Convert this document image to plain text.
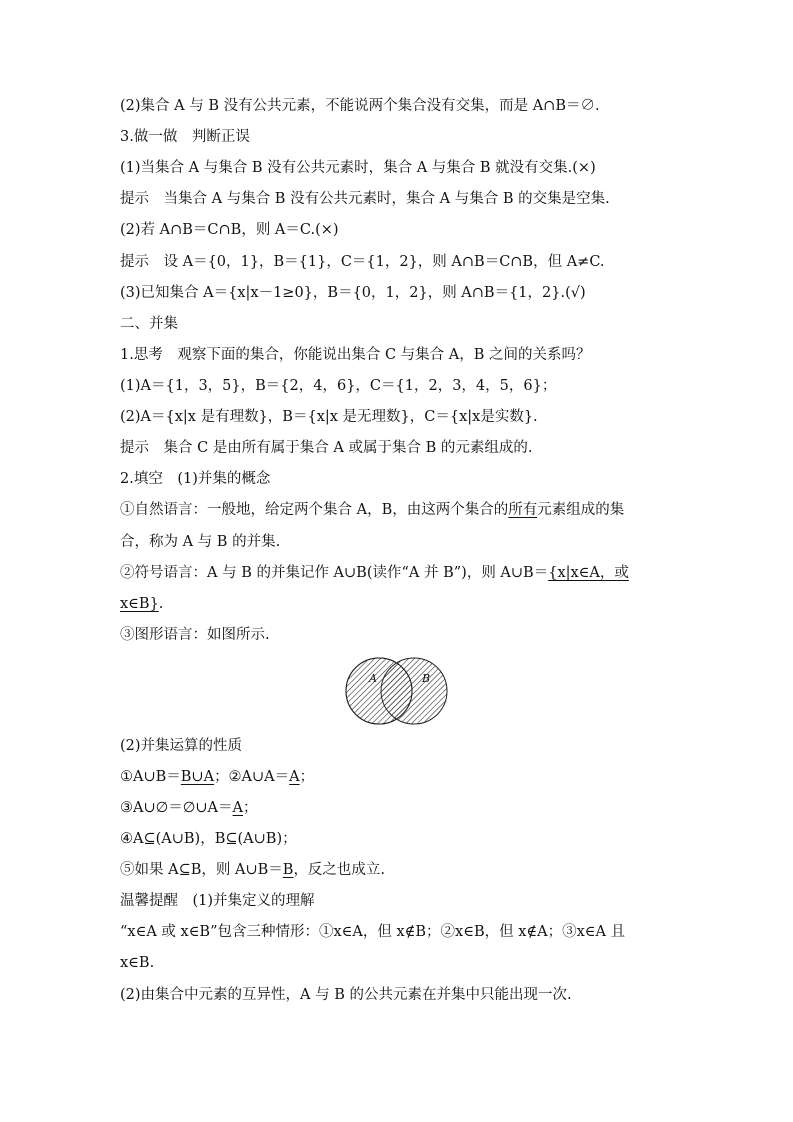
(2)集合 A 与 B 没有公共元素，不能说两个集合没有交集，而是 A∩B＝∅.
3.做一做　判断正误
(1)当集合 A 与集合 B 没有公共元素时，集合 A 与集合 B 就没有交集.(×)
提示　当集合 A 与集合 B 没有公共元素时，集合 A 与集合 B 的交集是空集.
(2)若 A∩B＝C∩B，则 A＝C.(×)
提示　设 A＝{0，1}，B＝{1}，C＝{1，2}，则 A∩B＝C∩B，但 A≠C.
(3)已知集合 A＝{x|x－1≥0}，B＝{0，1，2}，则 A∩B＝{1，2}.(√)
二、并集
1.思考　观察下面的集合，你能说出集合 C 与集合 A，B 之间的关系吗？
(1)A＝{1，3，5}，B＝{2，4，6}，C＝{1，2，3，4，5，6}；
(2)A＝{x|x 是有理数}，B＝{x|x 是无理数}，C＝{x|x是实数}.
提示　集合 C 是由所有属于集合 A 或属于集合 B 的元素组成的.
2.填空　(1)并集的概念
①自然语言：一般地，给定两个集合 A，B，由这两个集合的所有元素组成的集
合，称为 A 与 B 的并集.
②符号语言：A 与 B 的并集记作 A∪B(读作“A 并 B”)，则 A∪B＝{x|x∈A，或
x∈B}.
③图形语言：如图所示.
A	B
(2)并集运算的性质
①A∪B＝B∪A；②A∪A＝A；
③A∪∅＝∅∪A＝A；
④A⊆(A∪B)，B⊆(A∪B)；
⑤如果 A⊆B，则 A∪B＝B，反之也成立.
温馨提醒　(1)并集定义的理解
“x∈A 或 x∈B”包含三种情形：①x∈A，但 x∉B；②x∈B，但 x∉A；③x∈A 且
x∈B.
(2)由集合中元素的互异性，A 与 B 的公共元素在并集中只能出现一次.
